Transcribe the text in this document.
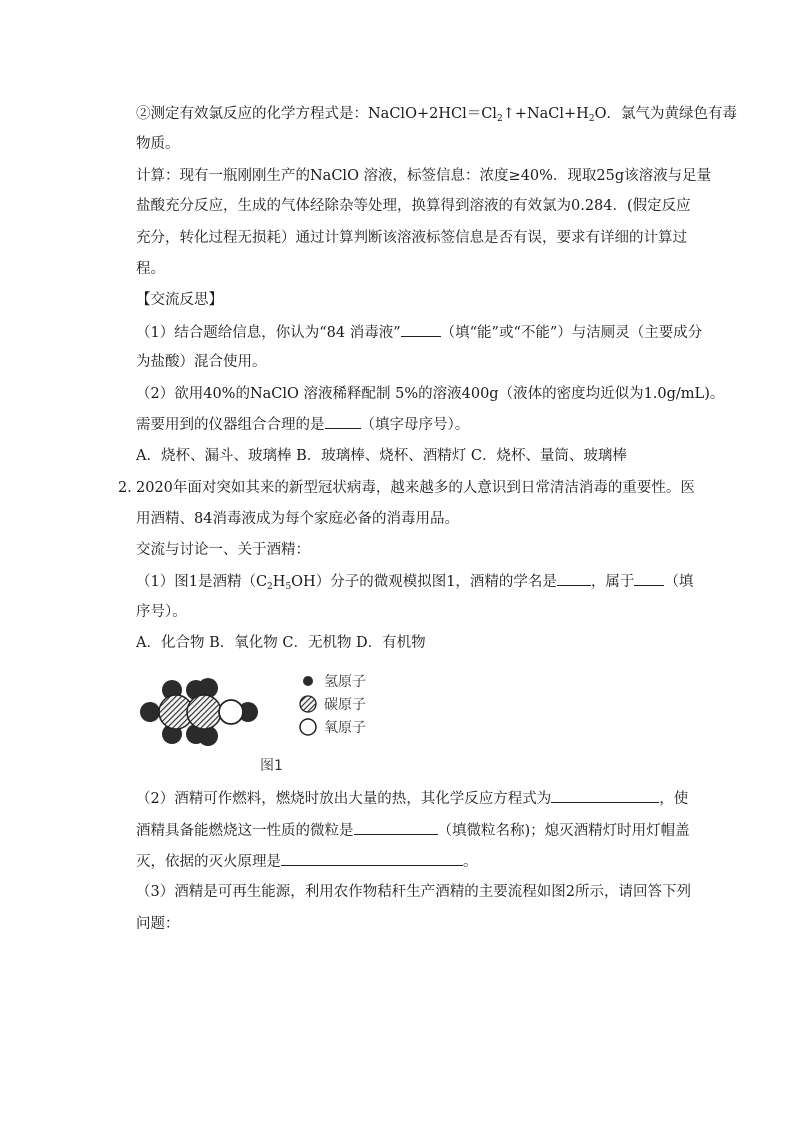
②测定有效氯反应的化学方程式是：$NaClO+2HCl=Cl_2↑+NaCl+H_2O$．氯气为黄绿色有毒
物质。
计算：现有一瓶刚刚生产的NaClO 溶液，标签信息：浓度≥40%．现取25g该溶液与足量
盐酸充分反应，生成的气体经除杂等处理，换算得到溶液的有效氯为0.284．(假定反应
充分，转化过程无损耗）通过计算判断该溶液标签信息是否有误，要求有详细的计算过
程。
【交流反思】
（1）结合题给信息，你认为“84 消毒液”	（填“能”或“不能”）与洁厕灵（主要成分
为盐酸）混合使用。
（2）欲用40%的NaClO 溶液稀释配制 5%的溶液400g（液体的密度均近似为1.0g/mL)。
需要用到的仪器组合合理的是 （填字母序号）。
A．烧杯、漏斗、玻璃棒 B．玻璃棒、烧杯、酒精灯 C．烧杯、量筒、玻璃棒
2．
2020年面对突如其来的新型冠状病毒，越来越多的人意识到日常清洁消毒的重要性。医
用酒精、84消毒液成为每个家庭必备的消毒用品。
交流与讨论一、关于酒精：
（1）图1是酒精$(C_2H_5OH)$分子的微观模拟图1，酒精的学名是 ，属于 （填
序号）。
A．化合物 B．氧化物 C．无机物 D．有机物
氢原子
碳原子
氧原子
图1
（2）酒精可作燃料，燃烧时放出大量的热，其化学反应方程式为	，使
酒精具备能燃烧这一性质的微粒是	（填微粒名称)；熄灭酒精灯时用灯帽盖
灭，依据的灭火原理是	。
（3）酒精是可再生能源，利用农作物秸秆生产酒精的主要流程如图2所示，请回答下列
问题：
